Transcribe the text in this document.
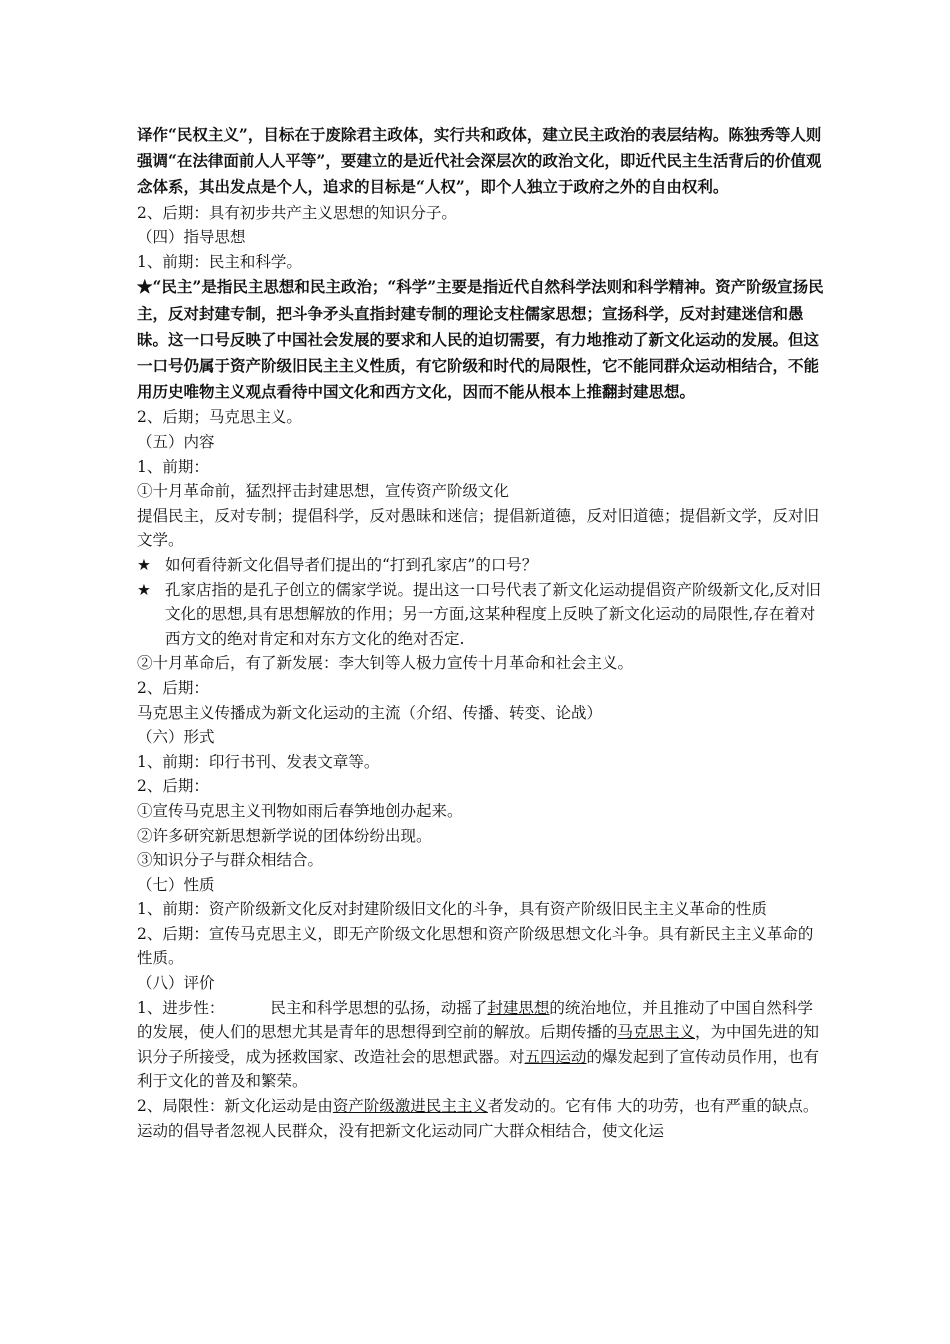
译作“民权主义”，目标在于废除君主政体，实行共和政体，建立民主政治的表层结构。陈独秀等人则强调“在法律面前人人平等”，要建立的是近代社会深层次的政治文化，即近代民主生活背后的价值观念体系，其出发点是个人，追求的目标是“人权”，即个人独立于政府之外的自由权利。

2、后期：具有初步共产主义思想的知识分子。

（四）指导思想

1、前期：民主和科学。

★“民主”是指民主思想和民主政治；“科学”主要是指近代自然科学法则和科学精神。资产阶级宣扬民主，反对封建专制，把斗争矛头直指封建专制的理论支柱儒家思想；宣扬科学，反对封建迷信和愚昧。这一口号反映了中国社会发展的要求和人民的迫切需要，有力地推动了新文化运动的发展。但这一口号仍属于资产阶级旧民主主义性质，有它阶级和时代的局限性，它不能同群众运动相结合，不能用历史唯物主义观点看待中国文化和西方文化，因而不能从根本上推翻封建思想。

2、后期；马克思主义。

（五）内容

1、前期：

①十月革命前，猛烈抨击封建思想，宣传资产阶级文化

提倡民主，反对专制；提倡科学，反对愚昧和迷信；提倡新道德，反对旧道德；提倡新文学，反对旧文学。

★ 如何看待新文化倡导者们提出的“打到孔家店”的口号？
★ 孔家店指的是孔子创立的儒家学说。提出这一口号代表了新文化运动提倡资产阶级新文化,反对旧文化的思想,具有思想解放的作用；另一方面,这某种程度上反映了新文化运动的局限性,存在着对西方文的绝对肯定和对东方文化的绝对否定.

②十月革命后，有了新发展：李大钊等人极力宣传十月革命和社会主义。

2、后期：

马克思主义传播成为新文化运动的主流（介绍、传播、转变、论战）

（六）形式

1、前期：印行书刊、发表文章等。

2、后期：

①宣传马克思主义刊物如雨后春笋地创办起来。

②许多研究新思想新学说的团体纷纷出现。

③知识分子与群众相结合。

（七）性质

1、前期：资产阶级新文化反对封建阶级旧文化的斗争，具有资产阶级旧民主主义革命的性质

2、后期：宣传马克思主义，即无产阶级文化思想和资产阶级思想文化斗争。具有新民主主义革命的性质。

（八）评价

1、进步性：	民主和科学思想的弘扬，动摇了封建思想的统治地位，并且推动了中国自然科学的发展，使人们的思想尤其是青年的思想得到空前的解放。后期传播的马克思主义，为中国先进的知识分子所接受，成为拯救国家、改造社会的思想武器。对五四运动的爆发起到了宣传动员作用，也有利于文化的普及和繁荣。

2、局限性：新文化运动是由资产阶级激进民主主义者发动的。它有伟 大的功劳，也有严重的缺点。运动的倡导者忽视人民群众，没有把新文化运动同广大群众相结合，使文化运
